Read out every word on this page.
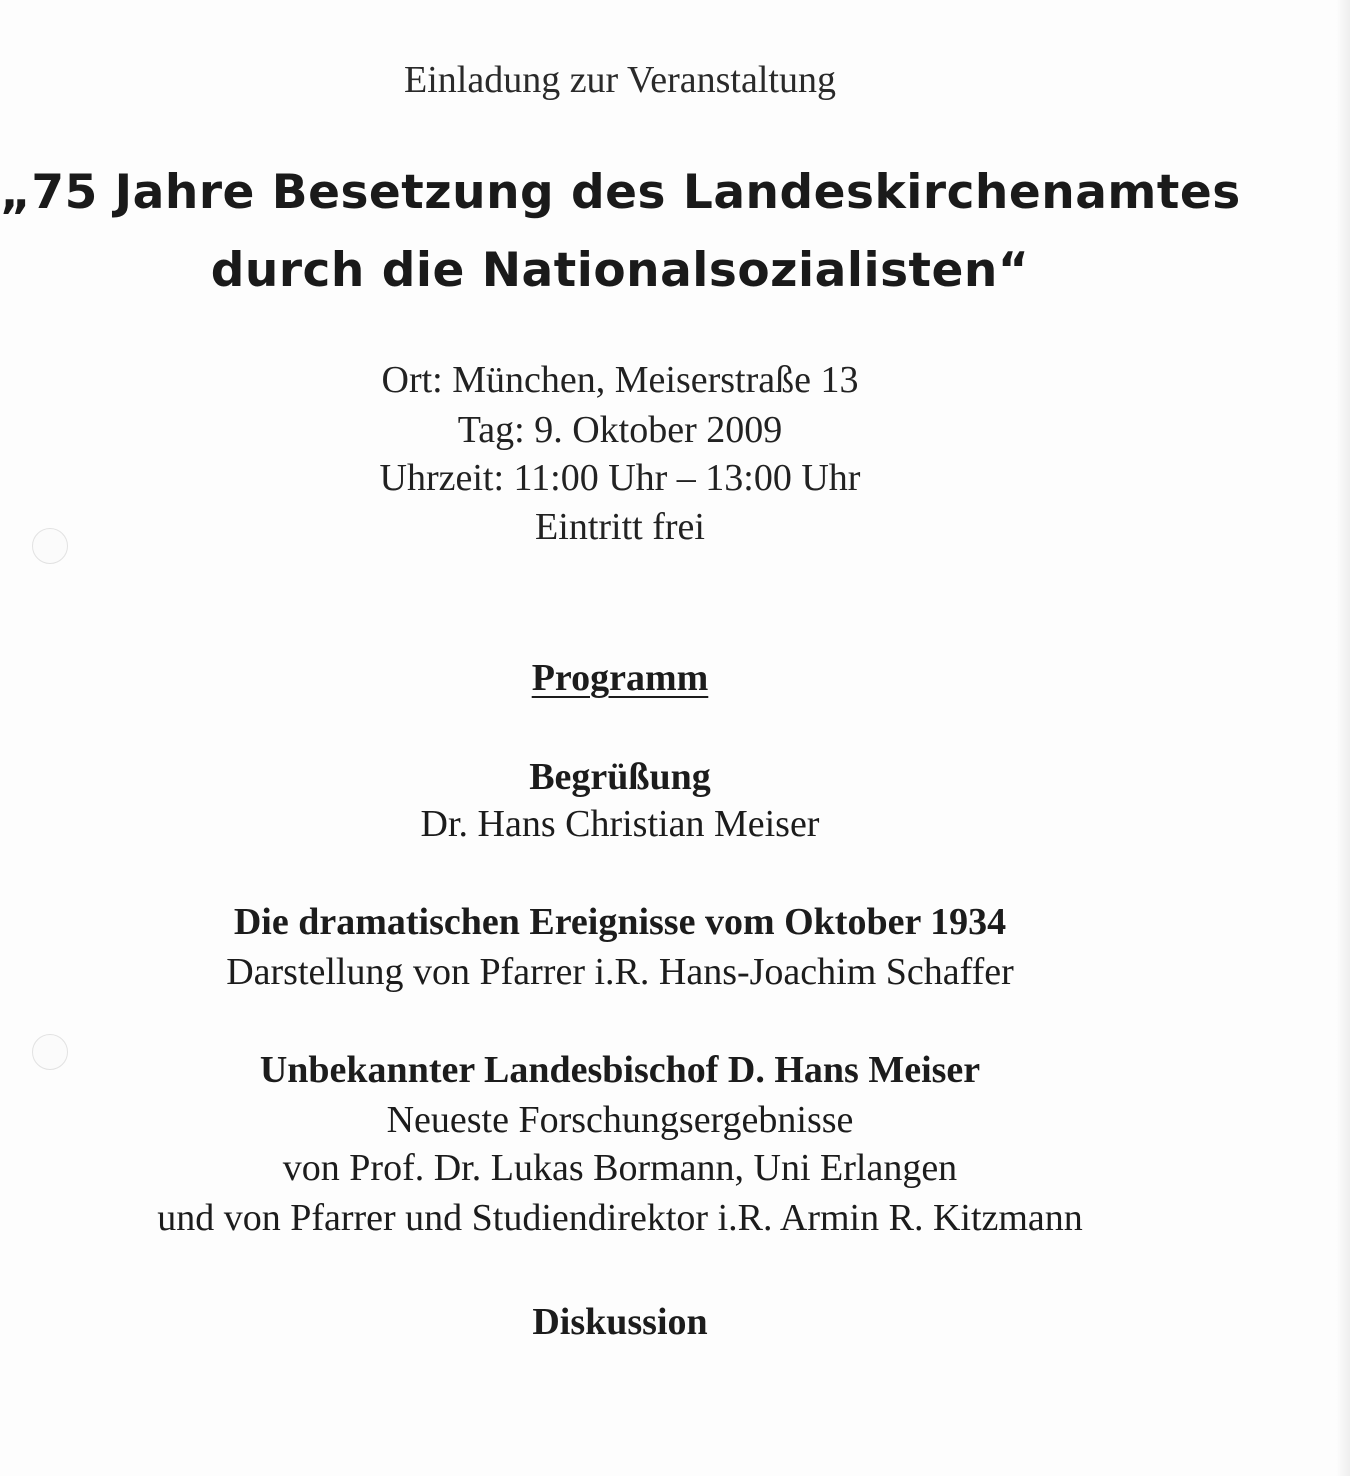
Einladung zur Veranstaltung
„75 Jahre Besetzung des Landeskirchenamtes
durch die Nationalsozialisten“
Ort: München, Meiserstraße 13
Tag: 9. Oktober 2009
Uhrzeit: 11:00 Uhr – 13:00 Uhr
Eintritt frei
Programm
Begrüßung
Dr. Hans Christian Meiser
Die dramatischen Ereignisse vom Oktober 1934
Darstellung von Pfarrer i.R. Hans-Joachim Schaffer
Unbekannter Landesbischof D. Hans Meiser
Neueste Forschungsergebnisse
von Prof. Dr. Lukas Bormann, Uni Erlangen
und von Pfarrer und Studiendirektor i.R. Armin R. Kitzmann
Diskussion
